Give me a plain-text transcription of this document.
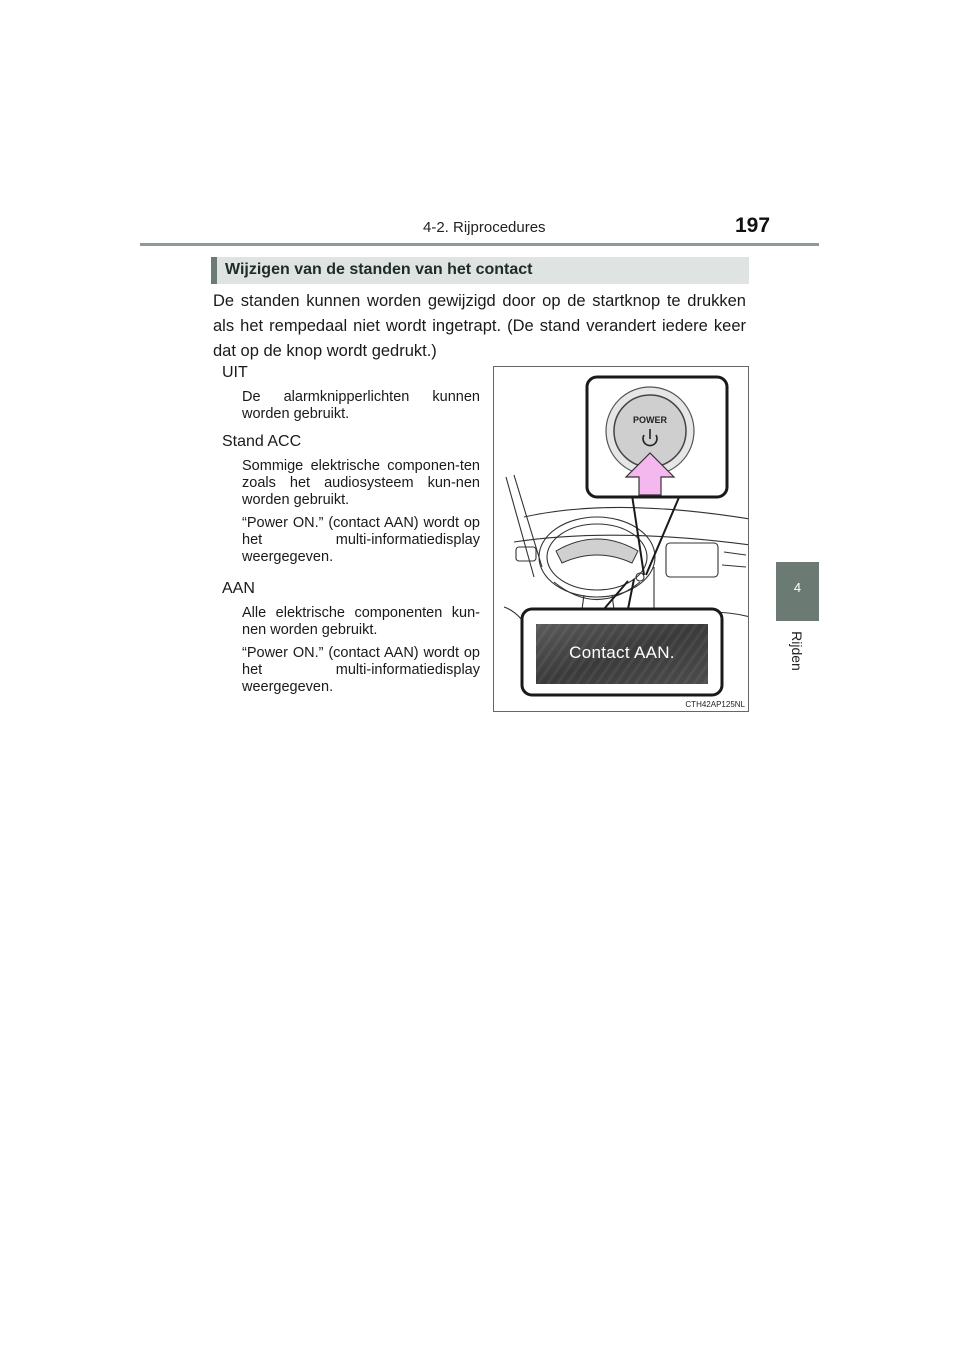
4-2. Rijprocedures	197
4
Rijden
Wijzigen van de standen van het contact
De standen kunnen worden gewijzigd door op de startknop te drukken als het rempedaal niet wordt ingetrapt. (De stand verandert iedere keer dat op de knop wordt gedrukt.)
UIT
De alarmknipperlichten kunnen worden gebruikt.
Stand ACC
Sommige elektrische componen-ten zoals het audiosysteem kun-nen worden gebruikt.
“Power ON.” (contact AAN) wordt op het multi-informatiedisplay weergegeven.
AAN
Alle elektrische componenten kun-nen worden gebruikt.
“Power ON.” (contact AAN) wordt op het multi-informatiedisplay weergegeven.
POWER
Contact AAN.
CTH42AP125NL
